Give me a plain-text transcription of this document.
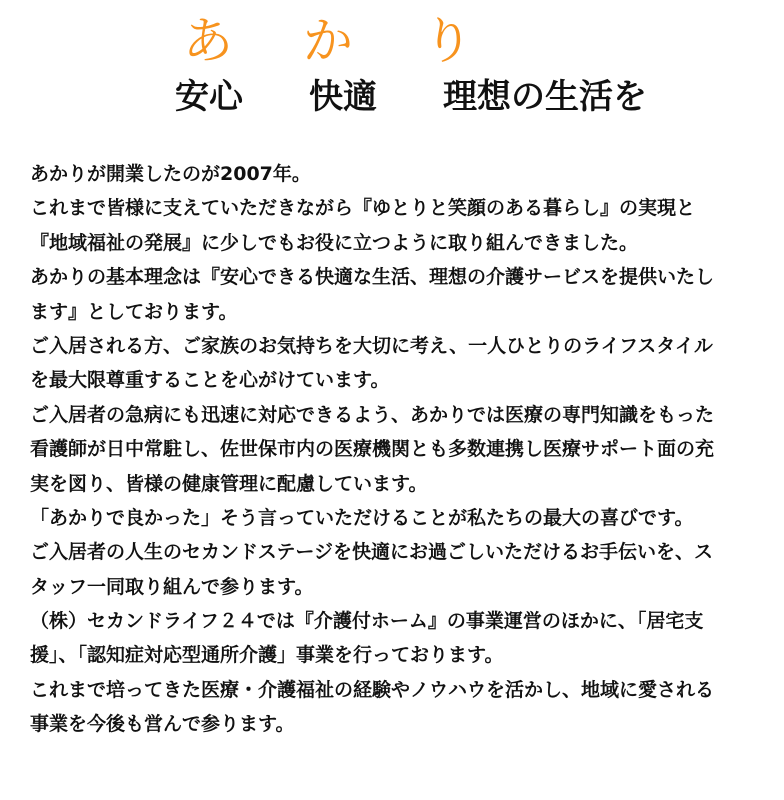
あ か り
安心 快適 理想の生活を
あかりが開業したのが2007年。
これまで皆様に支えていただきながら『ゆとりと笑顔のある暮らし』の実現と
『地域福祉の発展』に少しでもお役に立つように取り組んできました。
あかりの基本理念は『安心できる快適な生活、理想の介護サービスを提供いたし
ます』としております。
ご入居される方、ご家族のお気持ちを大切に考え、一人ひとりのライフスタイル
を最大限尊重することを心がけています。
ご入居者の急病にも迅速に対応できるよう、あかりでは医療の専門知識をもった
看護師が日中常駐し、佐世保市内の医療機関とも多数連携し医療サポート面の充
実を図り、皆様の健康管理に配慮しています。
「あかりで良かった」そう言っていただけることが私たちの最大の喜びです。
ご入居者の人生のセカンドステージを快適にお過ごしいただけるお手伝いを、ス
タッフ一同取り組んで参ります。
（株）セカンドライフ２４では『介護付ホーム』の事業運営のほかに、「居宅支
援」、「認知症対応型通所介護」事業を行っております。
これまで培ってきた医療・介護福祉の経験やノウハウを活かし、地域に愛される
事業を今後も営んで参ります。
